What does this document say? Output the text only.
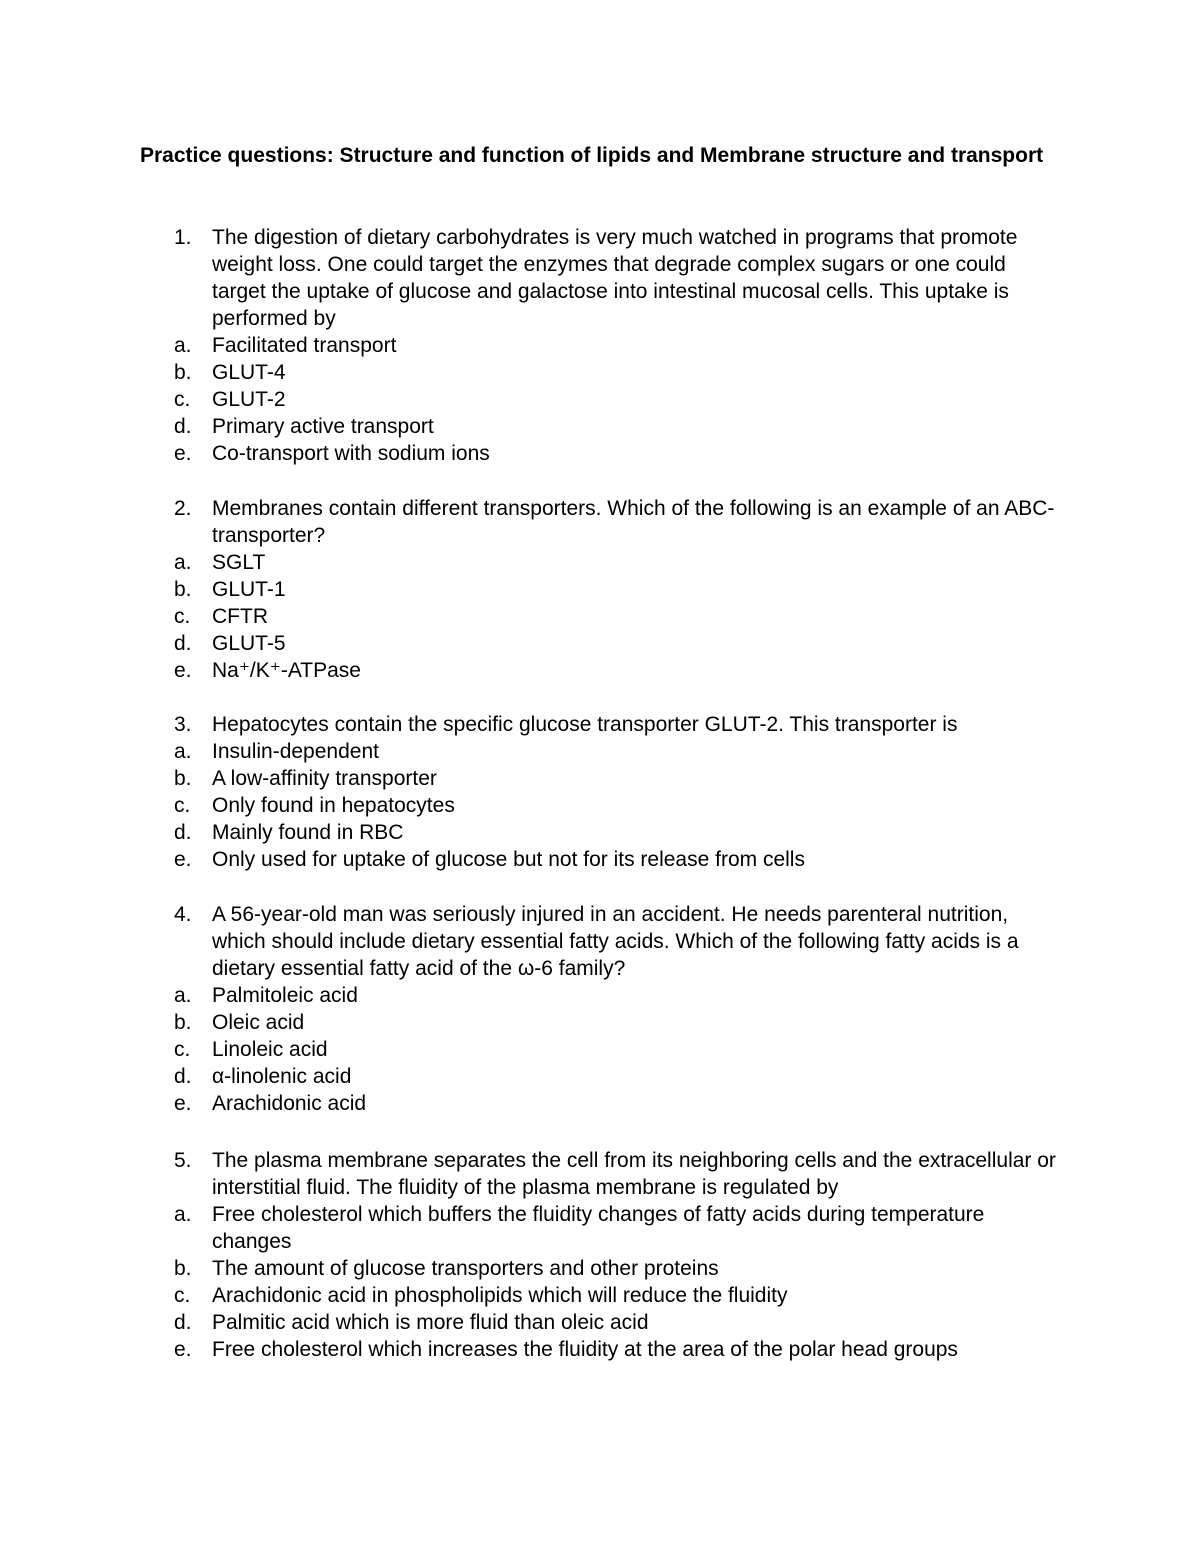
Practice questions: Structure and function of lipids and Membrane structure and transport
1. The digestion of dietary carbohydrates is very much watched in programs that promote weight loss. One could target the enzymes that degrade complex sugars or one could target the uptake of glucose and galactose into intestinal mucosal cells. This uptake is performed by
a. Facilitated transport
b. GLUT-4
c. GLUT-2
d. Primary active transport
e. Co-transport with sodium ions
2. Membranes contain different transporters. Which of the following is an example of an ABC-transporter?
a. SGLT
b. GLUT-1
c. CFTR
d. GLUT-5
e. Na⁺/K⁺-ATPase
3. Hepatocytes contain the specific glucose transporter GLUT-2. This transporter is
a. Insulin-dependent
b. A low-affinity transporter
c. Only found in hepatocytes
d. Mainly found in RBC
e. Only used for uptake of glucose but not for its release from cells
4. A 56-year-old man was seriously injured in an accident. He needs parenteral nutrition, which should include dietary essential fatty acids. Which of the following fatty acids is a dietary essential fatty acid of the ω-6 family?
a. Palmitoleic acid
b. Oleic acid
c. Linoleic acid
d. α-linolenic acid
e. Arachidonic acid
5. The plasma membrane separates the cell from its neighboring cells and the extracellular or interstitial fluid. The fluidity of the plasma membrane is regulated by
a. Free cholesterol which buffers the fluidity changes of fatty acids during temperature changes
b. The amount of glucose transporters and other proteins
c. Arachidonic acid in phospholipids which will reduce the fluidity
d. Palmitic acid which is more fluid than oleic acid
e. Free cholesterol which increases the fluidity at the area of the polar head groups
